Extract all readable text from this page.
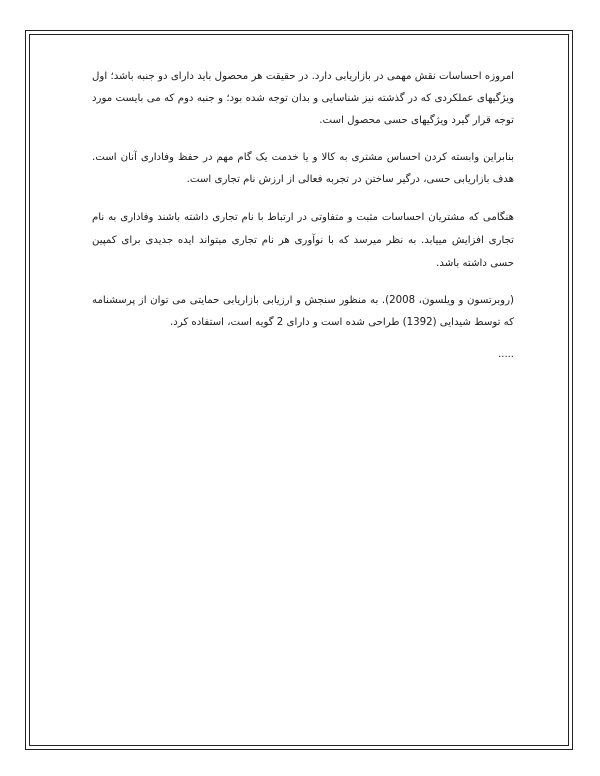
امروزه احساسات نقش مهمی در بازاریابی دارد. در حقیقت هر محصول باید دارای دو جنبه باشد؛ اول ویژگیهای عملکردی که در گذشته نیز شناسایی و بدان توجه شده بود؛ و جنبه دوم که می بایست مورد توجه قرار گیرد ویژگیهای حسی محصول است.

بنابراین وابسته کردن احساس مشتری به کالا و یا خدمت یک گام مهم در حفظ وفاداری آنان است. هدف بازاریابی حسی، درگیر ساختن در تجربه فعالی از ارزش نام تجاری است.

هنگامی که مشتریان احساسات مثبت و متفاوتی در ارتباط با نام تجاری داشته باشند وفاداری به نام تجاری افزایش مییابد. به نظر میرسد که با نوآوری هر نام تجاری میتواند ایده جدیدی برای کمپین حسی داشته باشد.

(روبرتسون و ویلسون، 2008). به منظور سنجش و ارزیابی بازاریابی حمایتی می توان از پرسشنامه که توسط شیدایی (1392) طراحی شده است و دارای 2 گویه است، استفاده کرد.

.....
